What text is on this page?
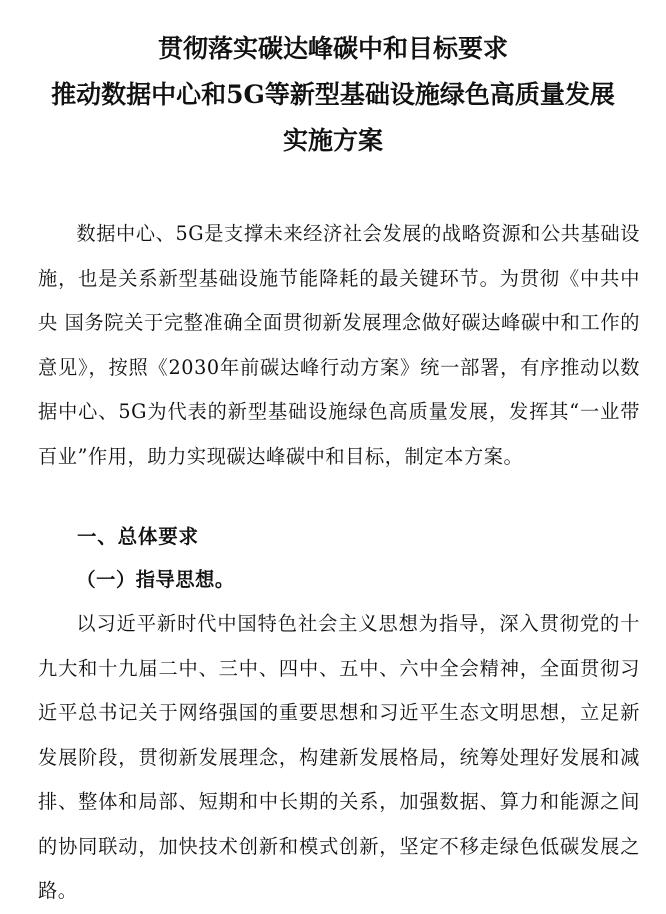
贯彻落实碳达峰碳中和目标要求
推动数据中心和5G等新型基础设施绿色高质量发展
实施方案

数据中心、5G是支撑未来经济社会发展的战略资源和公共基础设施，也是关系新型基础设施节能降耗的最关键环节。为贯彻《中共中央 国务院关于完整准确全面贯彻新发展理念做好碳达峰碳中和工作的意见》，按照《2030年前碳达峰行动方案》统一部署，有序推动以数据中心、5G为代表的新型基础设施绿色高质量发展，发挥其“一业带百业”作用，助力实现碳达峰碳中和目标，制定本方案。

一、总体要求
（一）指导思想。

以习近平新时代中国特色社会主义思想为指导，深入贯彻党的十九大和十九届二中、三中、四中、五中、六中全会精神，全面贯彻习近平总书记关于网络强国的重要思想和习近平生态文明思想，立足新发展阶段，贯彻新发展理念，构建新发展格局，统筹处理好发展和减排、整体和局部、短期和中长期的关系，加强数据、算力和能源之间的协同联动，加快技术创新和模式创新，坚定不移走绿色低碳发展之路。
